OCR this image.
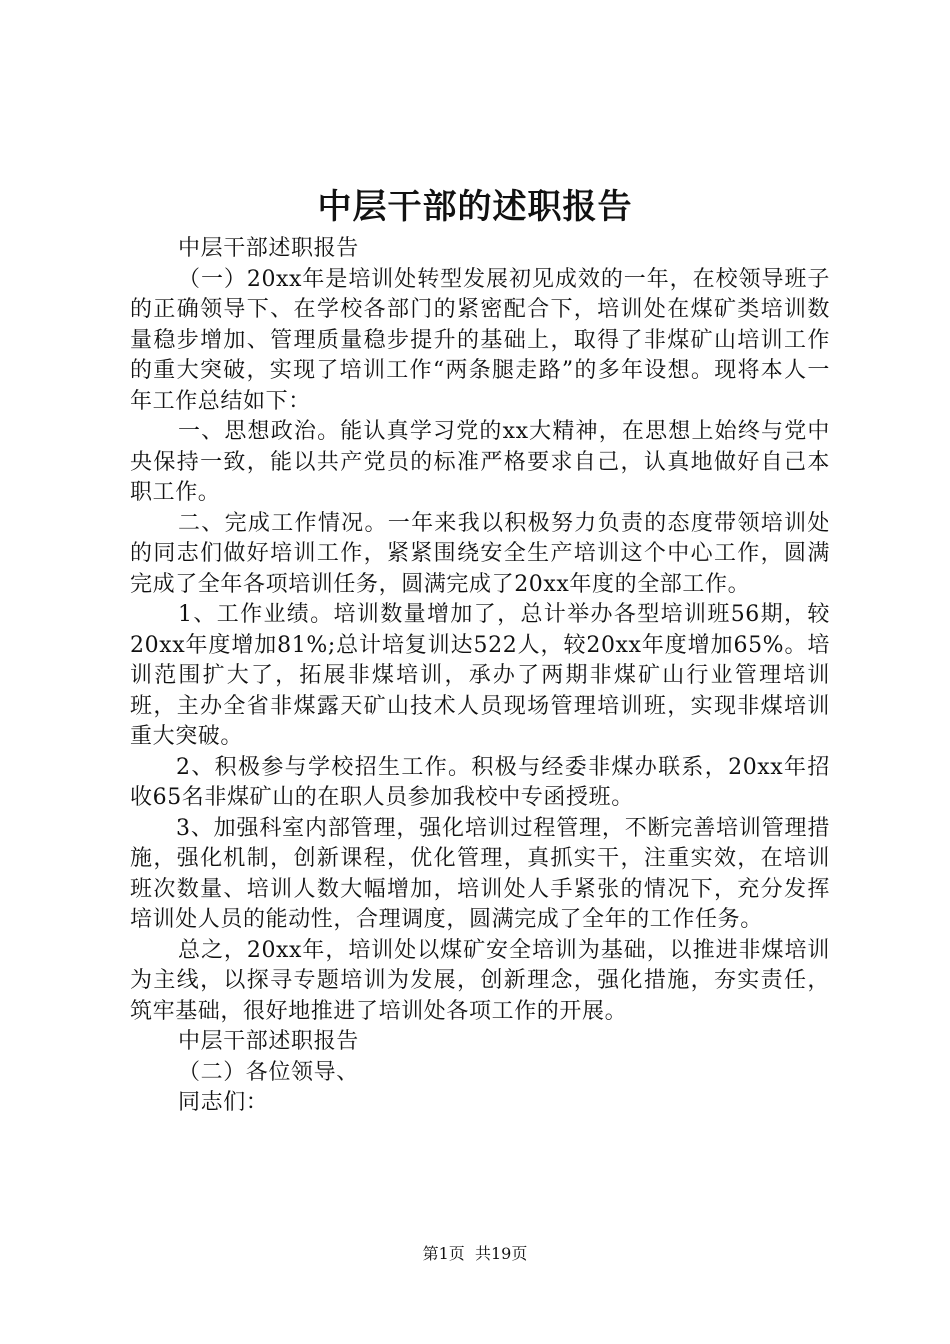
中层干部的述职报告

中层干部述职报告

（一）20xx年是培训处转型发展初见成效的一年，在校领导班子的正确领导下、在学校各部门的紧密配合下，培训处在煤矿类培训数量稳步增加、管理质量稳步提升的基础上，取得了非煤矿山培训工作的重大突破，实现了培训工作“两条腿走路”的多年设想。现将本人一年工作总结如下：

一、思想政治。能认真学习党的xx大精神，在思想上始终与党中央保持一致，能以共产党员的标准严格要求自己，认真地做好自己本职工作。

二、完成工作情况。一年来我以积极努力负责的态度带领培训处的同志们做好培训工作，紧紧围绕安全生产培训这个中心工作，圆满完成了全年各项培训任务，圆满完成了20xx年度的全部工作。

1、工作业绩。培训数量增加了，总计举办各型培训班56期，较20xx年度增加81%;总计培复训达522人，较20xx年度增加65%。培训范围扩大了，拓展非煤培训，承办了两期非煤矿山行业管理培训班，主办全省非煤露天矿山技术人员现场管理培训班，实现非煤培训重大突破。

2、积极参与学校招生工作。积极与经委非煤办联系，20xx年招收65名非煤矿山的在职人员参加我校中专函授班。

3、加强科室内部管理，强化培训过程管理，不断完善培训管理措施，强化机制，创新课程，优化管理，真抓实干，注重实效，在培训班次数量、培训人数大幅增加，培训处人手紧张的情况下，充分发挥培训处人员的能动性，合理调度，圆满完成了全年的工作任务。

总之，20xx年，培训处以煤矿安全培训为基础，以推进非煤培训为主线，以探寻专题培训为发展，创新理念，强化措施，夯实责任，筑牢基础，很好地推进了培训处各项工作的开展。

中层干部述职报告

（二）各位领导、

同志们：

第1页 共19页
